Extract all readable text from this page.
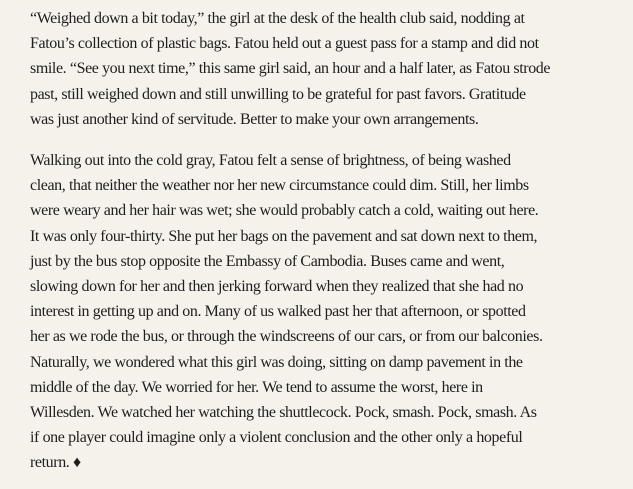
“Weighed down a bit today,” the girl at the desk of the health club said, nodding at
Fatou’s collection of plastic bags. Fatou held out a guest pass for a stamp and did not
smile. “See you next time,” this same girl said, an hour and a half later, as Fatou strode
past, still weighed down and still unwilling to be grateful for past favors. Gratitude
was just another kind of servitude. Better to make your own arrangements.

Walking out into the cold gray, Fatou felt a sense of brightness, of being washed
clean, that neither the weather nor her new circumstance could dim. Still, her limbs
were weary and her hair was wet; she would probably catch a cold, waiting out here.
It was only four-thirty. She put her bags on the pavement and sat down next to them,
just by the bus stop opposite the Embassy of Cambodia. Buses came and went,
slowing down for her and then jerking forward when they realized that she had no
interest in getting up and on. Many of us walked past her that afternoon, or spotted
her as we rode the bus, or through the windscreens of our cars, or from our balconies.
Naturally, we wondered what this girl was doing, sitting on damp pavement in the
middle of the day. We worried for her. We tend to assume the worst, here in
Willesden. We watched her watching the shuttlecock. Pock, smash. Pock, smash. As
if one player could imagine only a violent conclusion and the other only a hopeful
return. ♦
